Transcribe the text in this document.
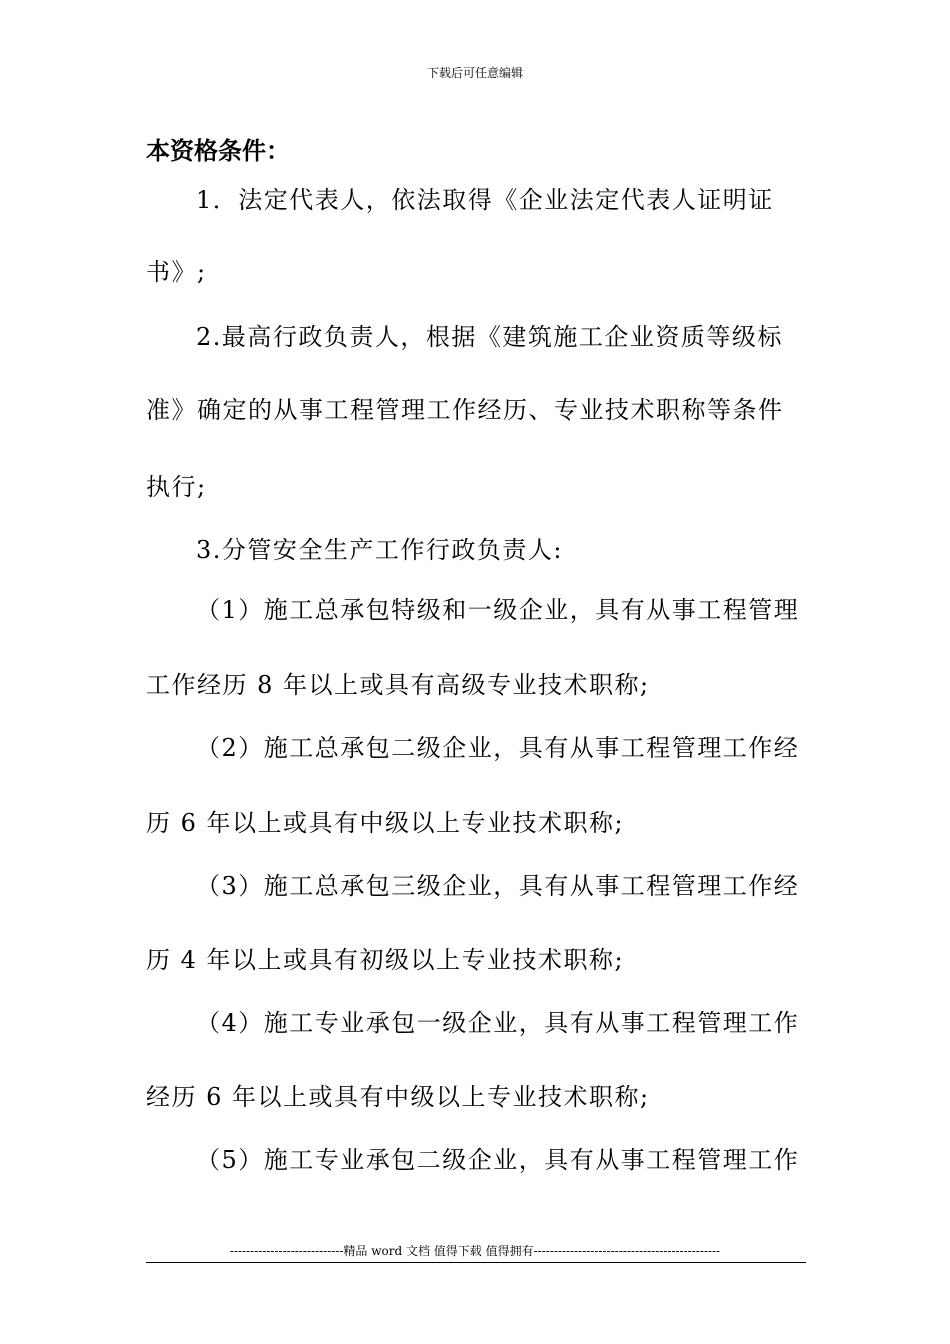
下载后可任意编辑
本资格条件：
1．法定代表人，依法取得《企业法定代表人证明证
书》;
2.最高行政负责人，根据《建筑施工企业资质等级标
准》确定的从事工程管理工作经历、专业技术职称等条件
执行;
3.分管安全生产工作行政负责人:
（1）施工总承包特级和一级企业，具有从事工程管理
工作经历 8 年以上或具有高级专业技术职称;
（2）施工总承包二级企业，具有从事工程管理工作经
历 6 年以上或具有中级以上专业技术职称;
（3）施工总承包三级企业，具有从事工程管理工作经
历 4 年以上或具有初级以上专业技术职称;
（4）施工专业承包一级企业，具有从事工程管理工作
经历 6 年以上或具有中级以上专业技术职称;
（5）施工专业承包二级企业，具有从事工程管理工作
----------------------------精品 word 文档 值得下载 值得拥有----------------------------------------------
